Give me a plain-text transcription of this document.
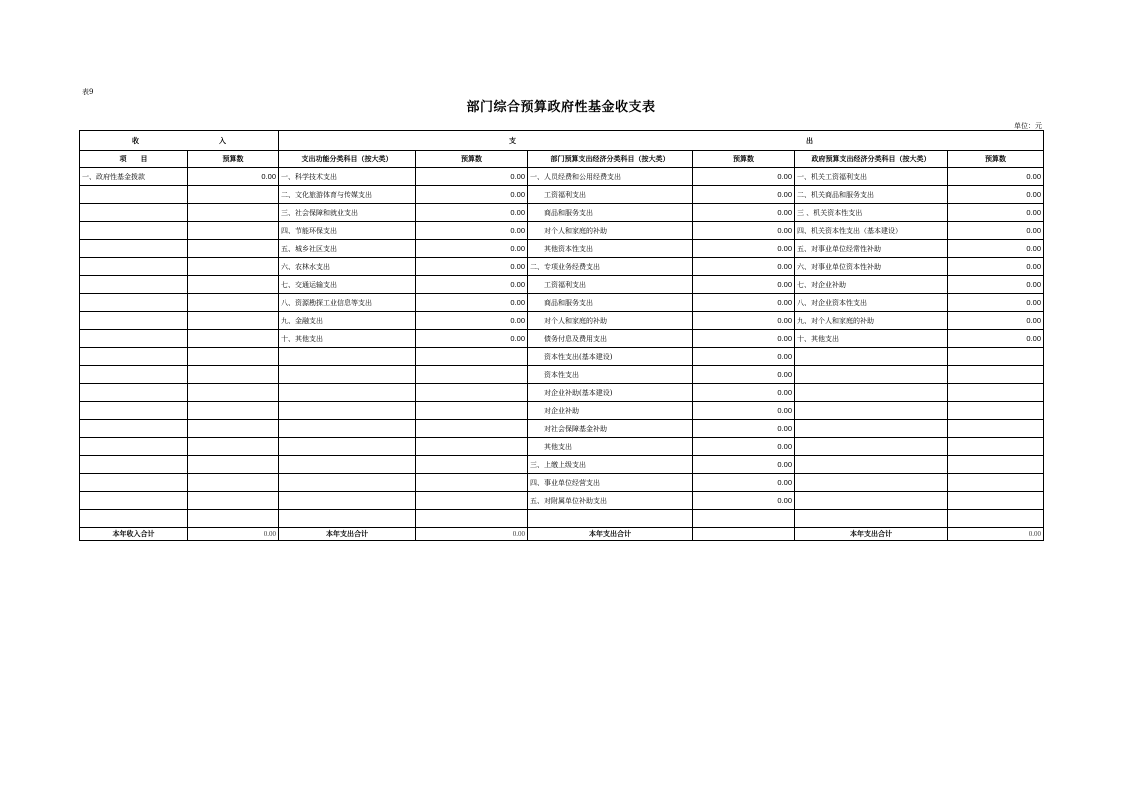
表9
部门综合预算政府性基金收支表
单位：元
收 入		支 出					
项　　目	预算数	支出功能分类科目（按大类）	预算数	部门预算支出经济分类科目（按大类）	预算数	政府预算支出经济分类科目（按大类）	预算数
一、政府性基金拨款	0.00	一、科学技术支出	0.00	一、人员经费和公用经费支出	0.00	一、机关工资福利支出	0.00
		二、文化旅游体育与传媒支出	0.00	工资福利支出	0.00	二、机关商品和服务支出	0.00
		三、社会保障和就业支出	0.00	商品和服务支出	0.00	三 、机关资本性支出	0.00
		四、节能环保支出	0.00	对个人和家庭的补助	0.00	四、机关资本性支出（基本建设）	0.00
		五、城乡社区支出	0.00	其他资本性支出	0.00	五、对事业单位经常性补助	0.00
		六、农林水支出	0.00	二、专项业务经费支出	0.00	六、对事业单位资本性补助	0.00
		七、交通运输支出	0.00	工资福利支出	0.00	七、对企业补助	0.00
		八、资源勘探工业信息等支出	0.00	商品和服务支出	0.00	八、对企业资本性支出	0.00
		九、金融支出	0.00	对个人和家庭的补助	0.00	九、对个人和家庭的补助	0.00
		十、其他支出	0.00	债务付息及费用支出	0.00	十、其他支出	0.00
				资本性支出(基本建设)	0.00		
				资本性支出	0.00		
				对企业补助(基本建设)	0.00		
				对企业补助	0.00		
				对社会保障基金补助	0.00		
				其他支出	0.00		
				三、上缴上级支出	0.00		
				四、事业单位经营支出	0.00		
				五、对附属单位补助支出	0.00		

本年收入合计	0.00	本年支出合计	0.00	本年支出合计		本年支出合计	0.00
